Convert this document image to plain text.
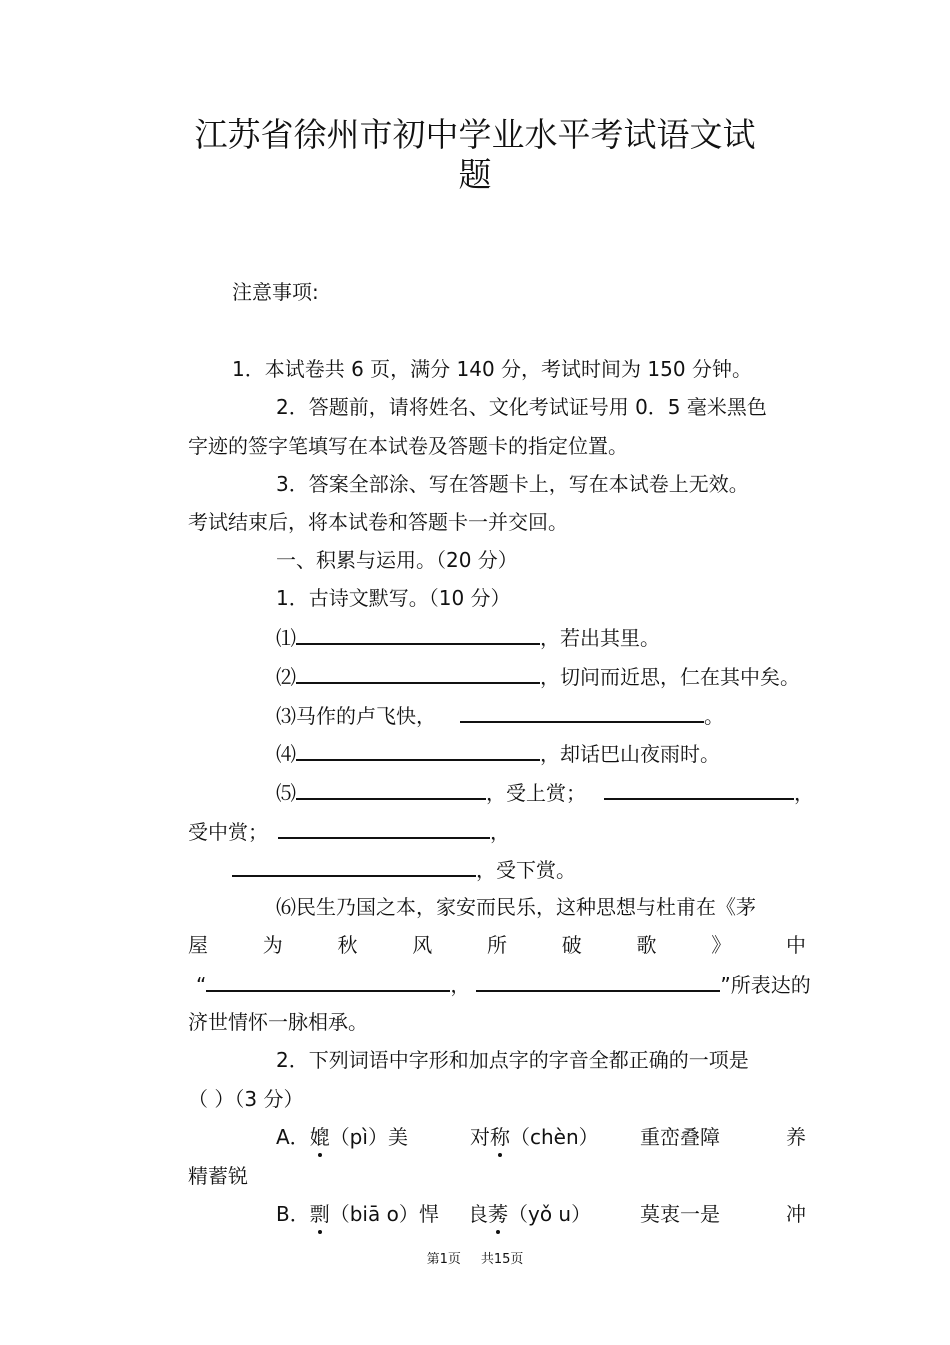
江苏省徐州市初中学业水平考试语文试
题
注意事项:
1．本试卷共 6 页，满分 140 分，考试时间为 150 分钟。
2．答题前，请将姓名、文化考试证号用 0．5 毫米黑色
字迹的签字笔填写在本试卷及答题卡的指定位置。
3．答案全部涂、写在答题卡上，写在本试卷上无效。
考试结束后，将本试卷和答题卡一并交回。
一、积累与运用。（20 分）
1．古诗文默写。（10 分）
⑴	，若出其里。
⑵	，切问而近思，仁在其中矣。
⑶马作的卢飞快，	。
⑷	，却话巴山夜雨时。
⑸	，受上赏；	，
受中赏；	，
，受下赏。
⑹民生乃国之本，家安而民乐，这种思想与杜甫在《茅
屋	为	秋	风	所	破	歌	》	中
“	，	”所表达的
济世情怀一脉相承。
2．下列词语中字形和加点字的字音全都正确的一项是
（ ）（3 分）
A．媲（pì）美	对称（chèn） 重峦叠障	养
精蓄锐
B．剽（biā o）悍 良莠（yǒ u） 莫衷一是	冲
第1页 共15页
